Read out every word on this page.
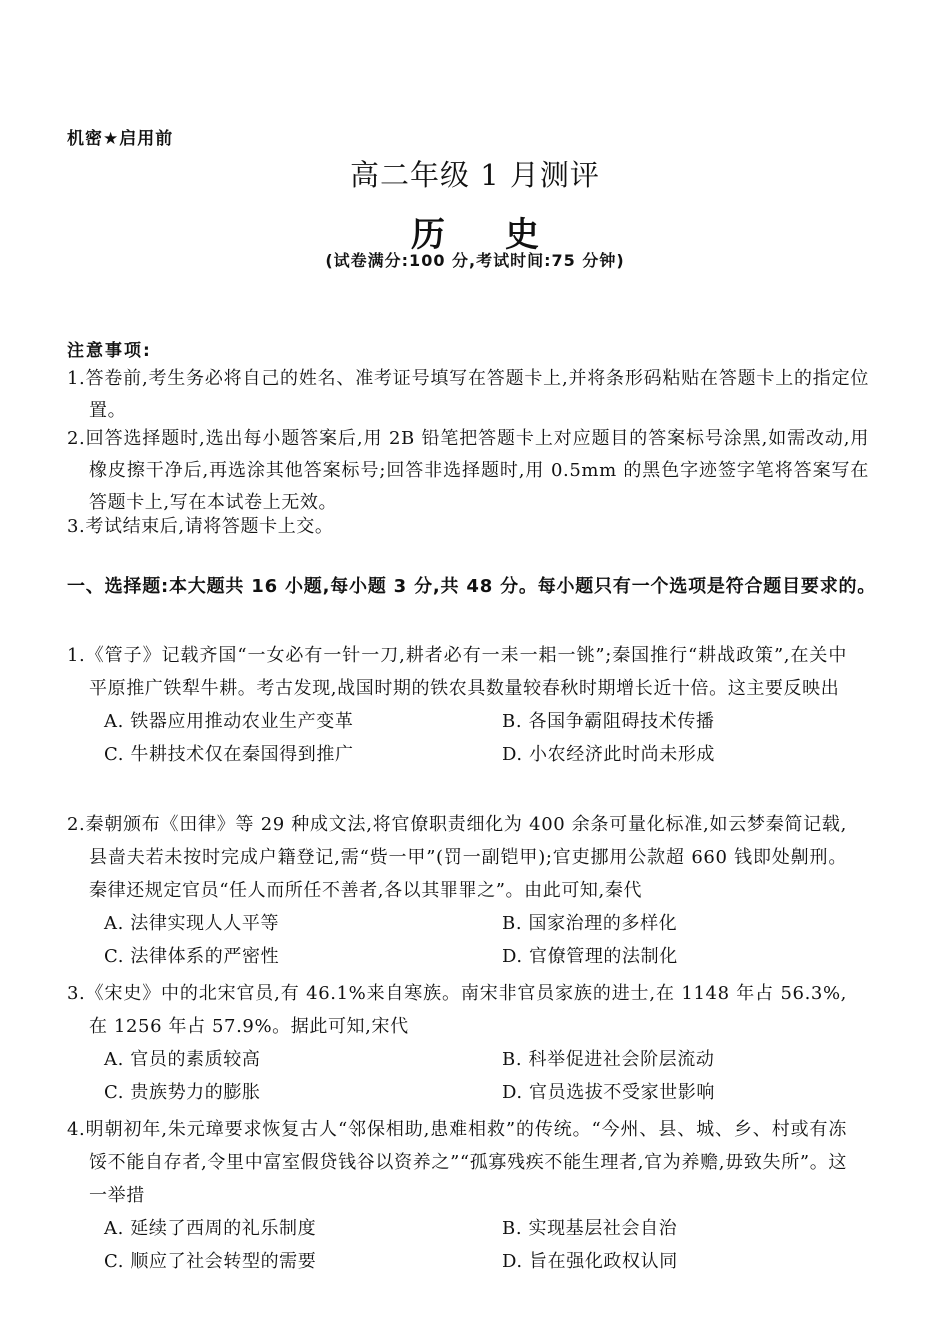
机密★启用前
高二年级 1 月测评
历史
(试卷满分:100 分,考试时间:75 分钟)
注意事项:
1.答卷前,考生务必将自己的姓名、准考证号填写在答题卡上,并将条形码粘贴在答题卡上的指定位置。
2.回答选择题时,选出每小题答案后,用 2B 铅笔把答题卡上对应题目的答案标号涂黑,如需改动,用橡皮擦干净后,再选涂其他答案标号;回答非选择题时,用 0.5mm 的黑色字迹签字笔将答案写在答题卡上,写在本试卷上无效。
3.考试结束后,请将答题卡上交。
一、选择题:本大题共 16 小题,每小题 3 分,共 48 分。每小题只有一个选项是符合题目要求的。
1.《管子》记载齐国“一女必有一针一刀,耕者必有一耒一耜一铫”;秦国推行“耕战政策”,在关中平原推广铁犁牛耕。考古发现,战国时期的铁农具数量较春秋时期增长近十倍。这主要反映出
A. 铁器应用推动农业生产变革	B. 各国争霸阻碍技术传播
C. 牛耕技术仅在秦国得到推广	D. 小农经济此时尚未形成
2.秦朝颁布《田律》等 29 种成文法,将官僚职责细化为 400 余条可量化标准,如云梦秦简记载,县啬夫若未按时完成户籍登记,需“赀一甲”(罚一副铠甲);官吏挪用公款超 660 钱即处劓刑。秦律还规定官员“任人而所任不善者,各以其罪罪之”。由此可知,秦代
A. 法律实现人人平等	B. 国家治理的多样化
C. 法律体系的严密性	D. 官僚管理的法制化
3.《宋史》中的北宋官员,有 46.1%来自寒族。南宋非官员家族的进士,在 1148 年占 56.3%,在 1256 年占 57.9%。据此可知,宋代
A. 官员的素质较高	B. 科举促进社会阶层流动
C. 贵族势力的膨胀	D. 官员选拔不受家世影响
4.明朝初年,朱元璋要求恢复古人“邻保相助,患难相救”的传统。“今州、县、城、乡、村或有冻馁不能自存者,令里中富室假贷钱谷以资养之”“孤寡残疾不能生理者,官为养赡,毋致失所”。这一举措
A. 延续了西周的礼乐制度	B. 实现基层社会自治
C. 顺应了社会转型的需要	D. 旨在强化政权认同
